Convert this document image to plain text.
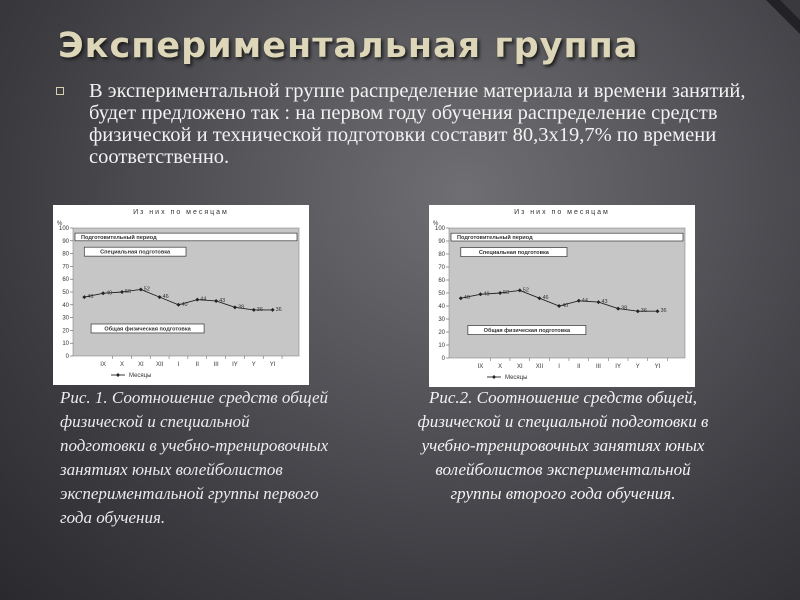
Экспериментальная группа

В экспериментальной группе распределение материала и времени занятий, будет предложено так : на первом году обучения распределение средств физической и технической подготовки составит 80,3x19,7% по времени соответственно.

Из них по месяцам
%
0
10
20
30
40
50
60
70
80
90
100
IX X XI XII I	II III IY Y YI
Подготовительный период
Специальная подготовка
Общая физическая подготовка
46
49 50 52
46
40
44 43
38 36 36
Месяцы
Из них по месяцам
%
0
10
20
30
40
50
60
70
80
90
100
IX X XI XII	I	II	III IY Y YI
Подготовительный период
Специальная подготовка
Общая физическая подготовка
46
49 50 52
46
40
44 43
38 36 36
Месяцы

Рис. 1. Соотношение средств общей физической и специальной подготовки в учебно-тренировочных занятиях юных волейболистов экспериментальной группы первого года обучения.

Рис.2. Соотношение средств общей, физической и специальной подготовки в учебно-тренировочных занятиях юных волейболистов экспериментальной группы второго года обучения.
